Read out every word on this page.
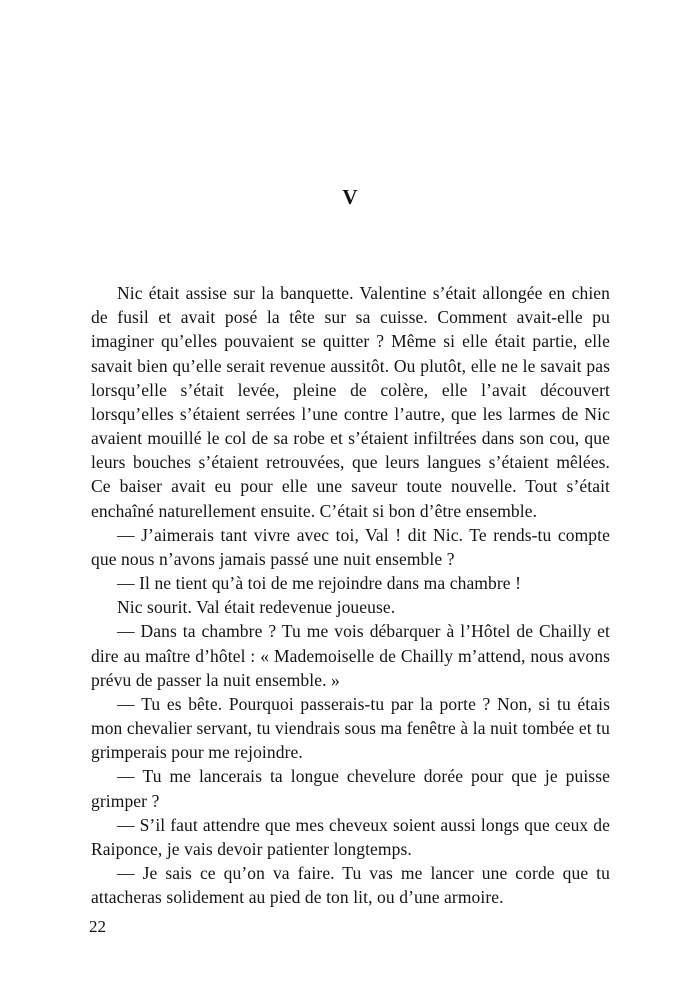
V

Nic était assise sur la banquette. Valentine s’était allongée en chien de fusil et avait posé la tête sur sa cuisse. Comment avait-elle pu imaginer qu’elles pouvaient se quitter ? Même si elle était partie, elle savait bien qu’elle serait revenue aussitôt. Ou plutôt, elle ne le savait pas lorsqu’elle s’était levée, pleine de colère, elle l’avait découvert lorsqu’elles s’étaient serrées l’une contre l’autre, que les larmes de Nic avaient mouillé le col de sa robe et s’étaient infiltrées dans son cou, que leurs bouches s’étaient retrouvées, que leurs langues s’étaient mêlées. Ce baiser avait eu pour elle une saveur toute nouvelle. Tout s’était enchaîné naturellement ensuite. C’était si bon d’être ensemble.

— J’aimerais tant vivre avec toi, Val ! dit Nic. Te rends-tu compte que nous n’avons jamais passé une nuit ensemble ?

— Il ne tient qu’à toi de me rejoindre dans ma chambre !

Nic sourit. Val était redevenue joueuse.

— Dans ta chambre ? Tu me vois débarquer à l’Hôtel de Chailly et dire au maître d’hôtel : « Mademoiselle de Chailly m’attend, nous avons prévu de passer la nuit ensemble. »

— Tu es bête. Pourquoi passerais-tu par la porte ? Non, si tu étais mon chevalier servant, tu viendrais sous ma fenêtre à la nuit tombée et tu grimperais pour me rejoindre.

— Tu me lancerais ta longue chevelure dorée pour que je puisse grimper ?

— S’il faut attendre que mes cheveux soient aussi longs que ceux de Raiponce, je vais devoir patienter longtemps.

— Je sais ce qu’on va faire. Tu vas me lancer une corde que tu attacheras solidement au pied de ton lit, ou d’une armoire.

22
